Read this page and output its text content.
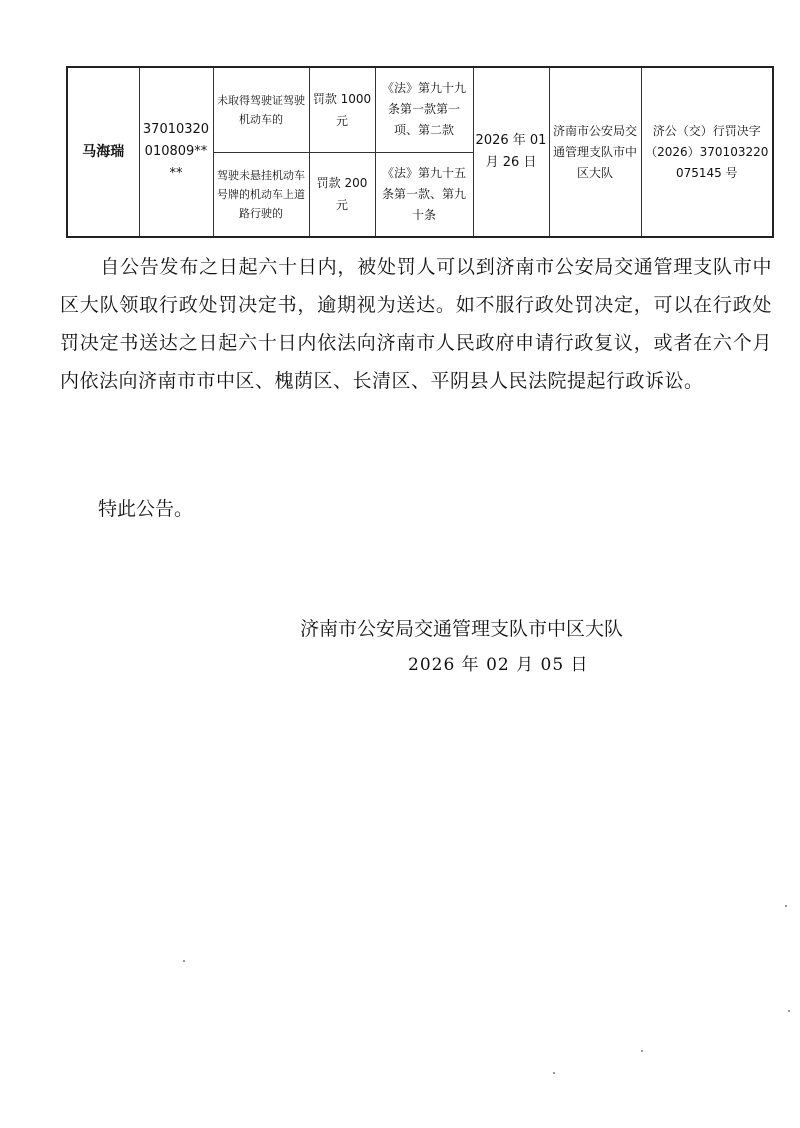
马海瑞	37010320010809****	未取得驾驶证驾驶机动车的	罚款 1000 元	《法》第九十九条第一款第一项、第二款	2026 年 01 月 26 日	济南市公安局交通管理支队市中区大队	济公（交）行罚决字（2026）370103220075145 号
		驾驶未悬挂机动车号牌的机动车上道路行驶的	罚款 200 元	《法》第九十五条第一款、第九十条			

自公告发布之日起六十日内，被处罚人可以到济南市公安局交通管理支队市中区大队领取行政处罚决定书，逾期视为送达。如不服行政处罚决定，可以在行政处罚决定书送达之日起六十日内依法向济南市人民政府申请行政复议，或者在六个月内依法向济南市市中区、槐荫区、长清区、平阴县人民法院提起行政诉讼。

特此公告。
济南市公安局交通管理支队市中区大队
2026 年 02 月 05 日
